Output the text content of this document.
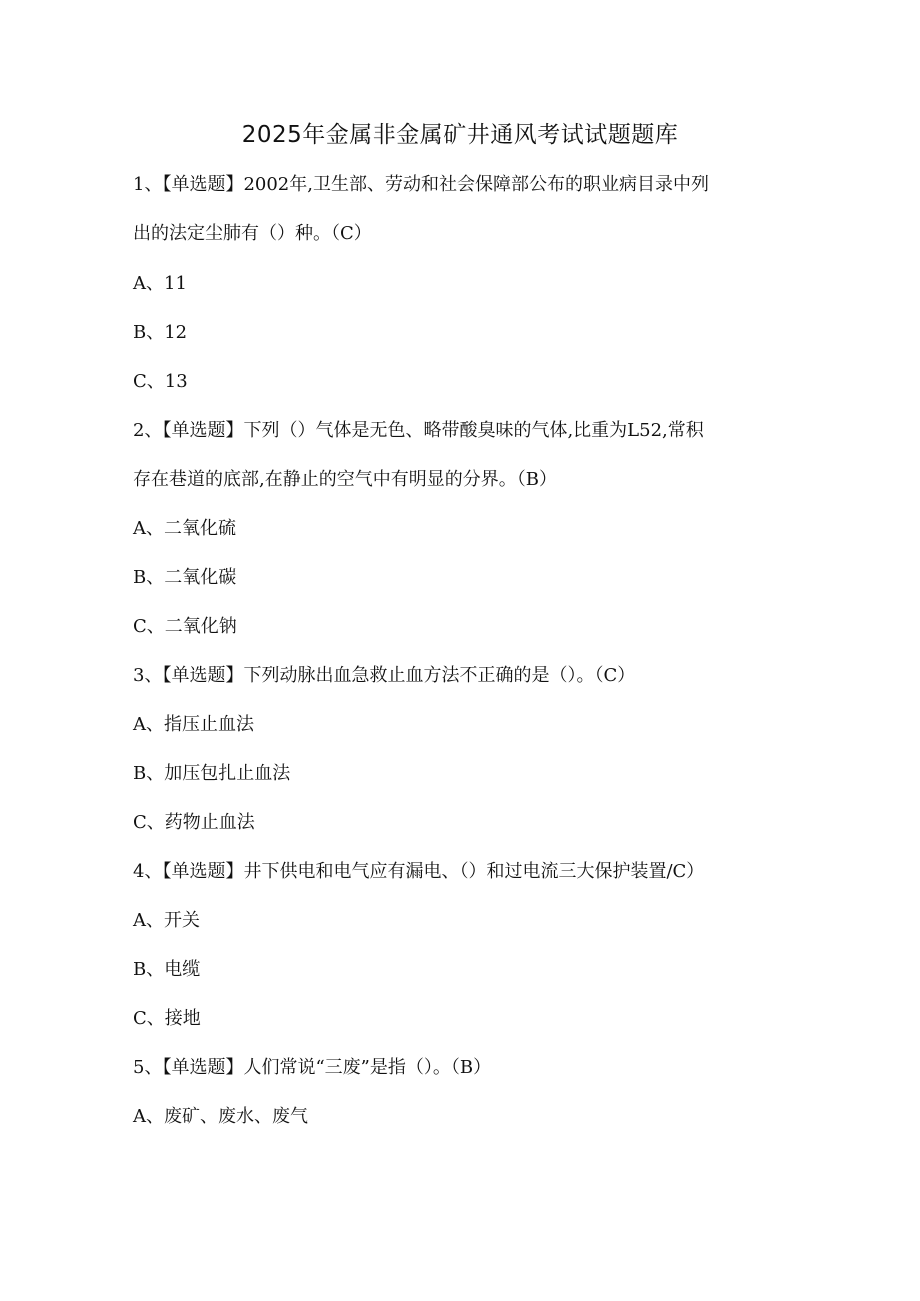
2025年金属非金属矿井通风考试试题题库

1、【单选题】2002年,卫生部、劳动和社会保障部公布的职业病目录中列

出的法定尘肺有（）种。（C）

A、11

B、12

C、13

2、【单选题】下列（）气体是无色、略带酸臭味的气体,比重为L52,常积

存在巷道的底部,在静止的空气中有明显的分界。（B）

A、二氧化硫

B、二氧化碳

C、二氧化钠

3、【单选题】下列动脉出血急救止血方法不正确的是（）。（C）

A、指压止血法

B、加压包扎止血法

C、药物止血法

4、【单选题】井下供电和电气应有漏电、（）和过电流三大保护装置/C）

A、开关

B、电缆

C、接地

5、【单选题】人们常说“三废”是指（）。（B）

A、废矿、废水、废气
